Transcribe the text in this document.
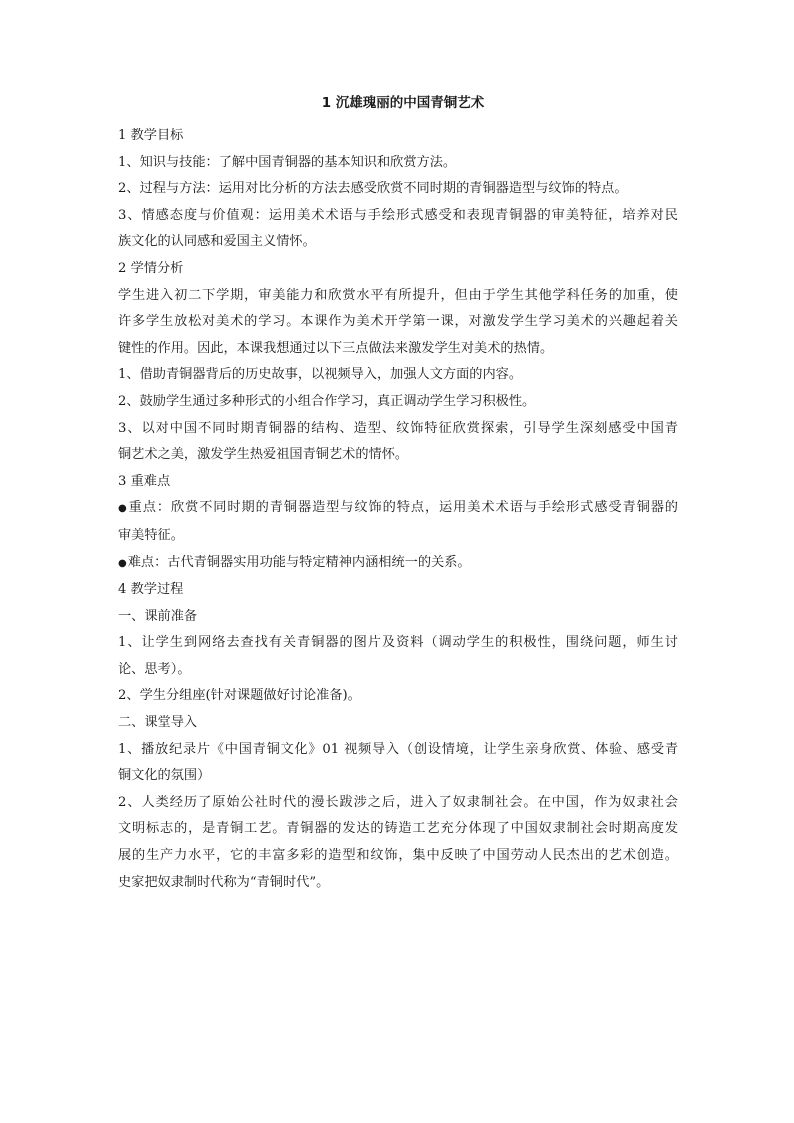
1 沉雄瑰丽的中国青铜艺术

1 教学目标

1、知识与技能：了解中国青铜器的基本知识和欣赏方法。

2、过程与方法：运用对比分析的方法去感受欣赏不同时期的青铜器造型与纹饰的特点。

3、情感态度与价值观：运用美术术语与手绘形式感受和表现青铜器的审美特征，培养对民

族文化的认同感和爱国主义情怀。

2 学情分析

学生进入初二下学期，审美能力和欣赏水平有所提升，但由于学生其他学科任务的加重，使

许多学生放松对美术的学习。本课作为美术开学第一课，对激发学生学习美术的兴趣起着关

键性的作用。因此，本课我想通过以下三点做法来激发学生对美术的热情。

1、借助青铜器背后的历史故事，以视频导入，加强人文方面的内容。

2、鼓励学生通过多种形式的小组合作学习，真正调动学生学习积极性。

3、以对中国不同时期青铜器的结构、造型、纹饰特征欣赏探索，引导学生深刻感受中国青

铜艺术之美，激发学生热爱祖国青铜艺术的情怀。

3 重难点

●重点：欣赏不同时期的青铜器造型与纹饰的特点，运用美术术语与手绘形式感受青铜器的

审美特征。

●难点：古代青铜器实用功能与特定精神内涵相统一的关系。

4 教学过程

一、课前准备

1、让学生到网络去查找有关青铜器的图片及资料（调动学生的积极性，围绕问题，师生讨

论、思考）。

2、学生分组座(针对课题做好讨论准备)。

二、课堂导入

1、播放纪录片《中国青铜文化》01 视频导入（创设情境，让学生亲身欣赏、体验、感受青

铜文化的氛围）

2、人类经历了原始公社时代的漫长跋涉之后，进入了奴隶制社会。在中国，作为奴隶社会

文明标志的，是青铜工艺。青铜器的发达的铸造工艺充分体现了中国奴隶制社会时期高度发

展的生产力水平，它的丰富多彩的造型和纹饰，集中反映了中国劳动人民杰出的艺术创造。

史家把奴隶制时代称为“青铜时代”。
